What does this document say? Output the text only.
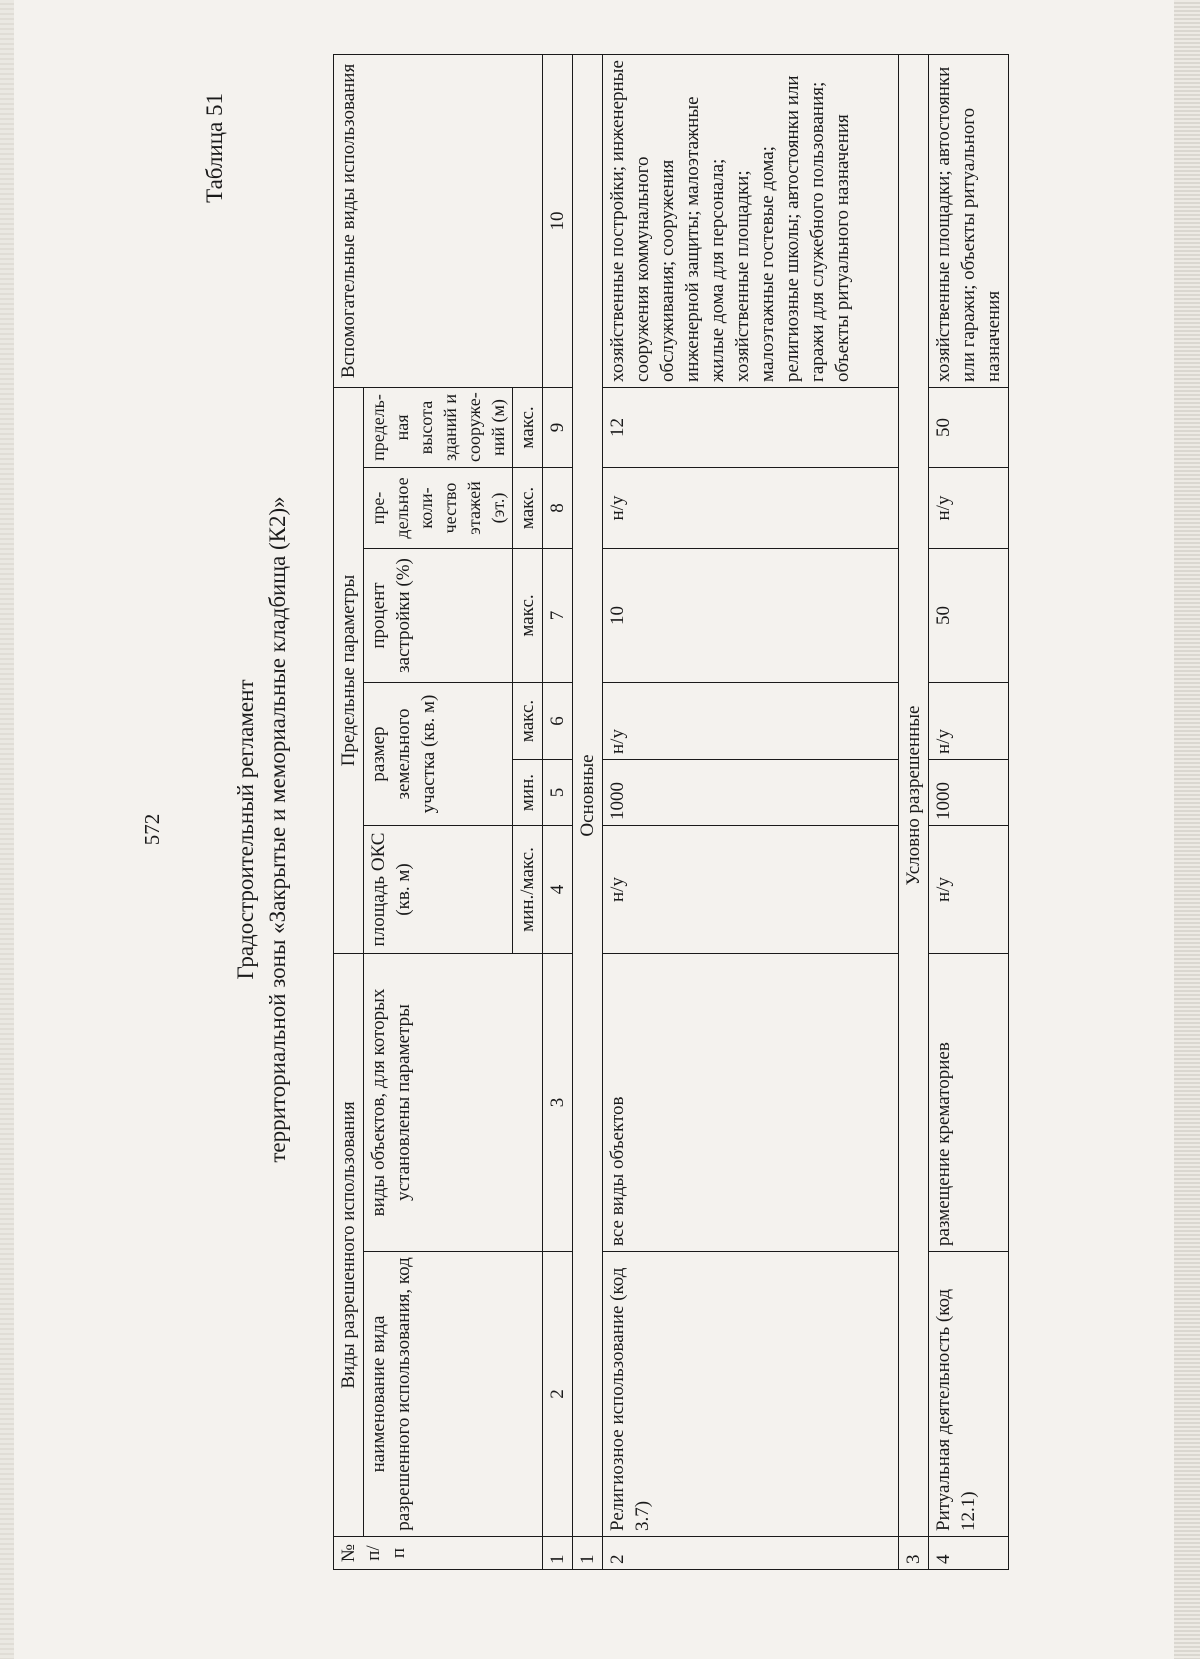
572
Таблица 51
Градостроительный регламент территориальной зоны «Закрытые и мемориальные кладбища (К2)»
№ п/п	Виды разрешенного использования		Предельные параметры						Вспомогательные виды использования
	наименование вида разрешенного использования, код	виды объектов, для которых установлены параметры	площадь ОКС (кв. м)	размер земельного участка (кв. м)		процент застройки (%)	пре- дельное коли- чество этажей (эт.)	предель- ная высота зданий и сооруже- ний (м)	
			мин./макс.	мин.	макс.	макс.	макс.	макс.	
1	2	3	4	5	6	7	8	9	10
1	Основные								
2	Религиозное использование (код 3.7)	все виды объектов	н/у	1000	н/у	10	н/у	12	хозяйственные постройки; инженерные сооружения коммунального обслуживания; сооружения инженерной защиты; малоэтажные жилые дома для персонала; хозяйственные площадки; малоэтажные гостевые дома; религиозные школы; автостоянки или гаражи для служебного пользования; объекты ритуального назначения
3	Условно разрешенные								
4	Ритуальная деятельность (код 12.1)	размещение крематориев	н/у	1000	н/у	50	н/у	50	хозяйственные площадки; автостоянки или гаражи; объекты ритуального назначения
